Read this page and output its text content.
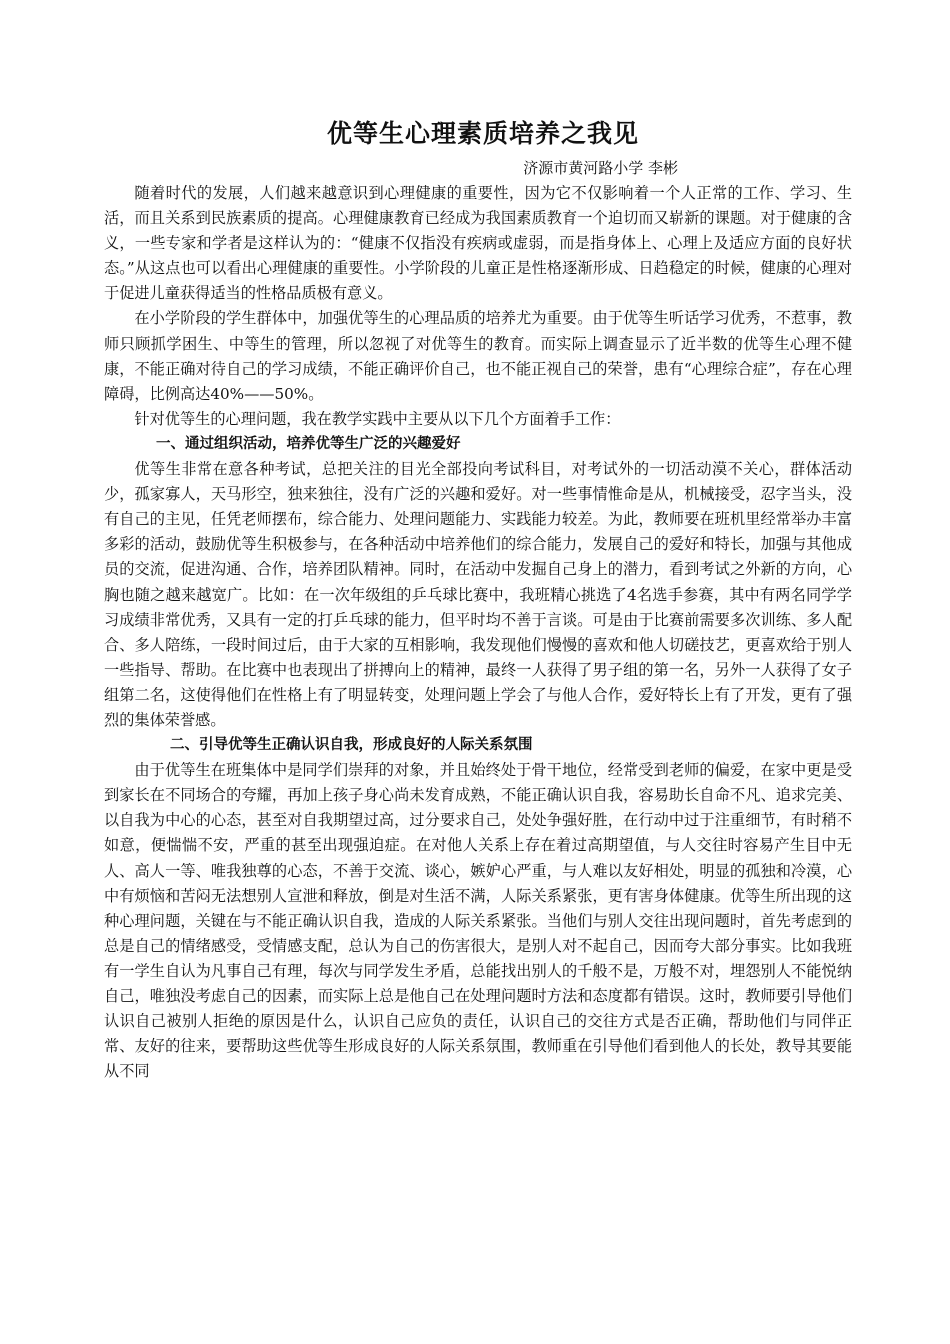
优等生心理素质培养之我见

济源市黄河路小学 李彬

随着时代的发展，人们越来越意识到心理健康的重要性，因为它不仅影响着一个人正常的工作、学习、生活，而且关系到民族素质的提高。心理健康教育已经成为我国素质教育一个迫切而又崭新的课题。对于健康的含义，一些专家和学者是这样认为的：“健康不仅指没有疾病或虚弱，而是指身体上、心理上及适应方面的良好状态。”从这点也可以看出心理健康的重要性。小学阶段的儿童正是性格逐渐形成、日趋稳定的时候，健康的心理对于促进儿童获得适当的性格品质极有意义。

在小学阶段的学生群体中，加强优等生的心理品质的培养尤为重要。由于优等生听话学习优秀，不惹事，教师只顾抓学困生、中等生的管理，所以忽视了对优等生的教育。而实际上调查显示了近半数的优等生心理不健康，不能正确对待自己的学习成绩，不能正确评价自己，也不能正视自己的荣誉，患有“心理综合症”，存在心理障碍，比例高达40%——50%。

针对优等生的心理问题，我在教学实践中主要从以下几个方面着手工作：

一、通过组织活动，培养优等生广泛的兴趣爱好

优等生非常在意各种考试，总把关注的目光全部投向考试科目，对考试外的一切活动漠不关心，群体活动少，孤家寡人，天马形空，独来独往，没有广泛的兴趣和爱好。对一些事情惟命是从，机械接受，忍字当头，没有自己的主见，任凭老师摆布，综合能力、处理问题能力、实践能力较差。为此，教师要在班机里经常举办丰富多彩的活动，鼓励优等生积极参与，在各种活动中培养他们的综合能力，发展自己的爱好和特长，加强与其他成员的交流，促进沟通、合作，培养团队精神。同时，在活动中发掘自己身上的潜力，看到考试之外新的方向，心胸也随之越来越宽广。比如：在一次年级组的乒乓球比赛中，我班精心挑选了4名选手参赛，其中有两名同学学习成绩非常优秀，又具有一定的打乒乓球的能力，但平时均不善于言谈。可是由于比赛前需要多次训练、多人配合、多人陪练，一段时间过后，由于大家的互相影响，我发现他们慢慢的喜欢和他人切磋技艺，更喜欢给于别人一些指导、帮助。在比赛中也表现出了拼搏向上的精神，最终一人获得了男子组的第一名，另外一人获得了女子组第二名，这使得他们在性格上有了明显转变，处理问题上学会了与他人合作，爱好特长上有了开发，更有了强烈的集体荣誉感。

二、引导优等生正确认识自我，形成良好的人际关系氛围

由于优等生在班集体中是同学们崇拜的对象，并且始终处于骨干地位，经常受到老师的偏爱，在家中更是受到家长在不同场合的夸耀，再加上孩子身心尚未发育成熟，不能正确认识自我，容易助长自命不凡、追求完美、以自我为中心的心态，甚至对自我期望过高，过分要求自己，处处争强好胜，在行动中过于注重细节，有时稍不如意，便惴惴不安，严重的甚至出现强迫症。在对他人关系上存在着过高期望值，与人交往时容易产生目中无人、高人一等、唯我独尊的心态，不善于交流、谈心，嫉妒心严重，与人难以友好相处，明显的孤独和冷漠，心中有烦恼和苦闷无法想别人宣泄和释放，倒是对生活不满，人际关系紧张，更有害身体健康。优等生所出现的这种心理问题，关键在与不能正确认识自我，造成的人际关系紧张。当他们与别人交往出现问题时，首先考虑到的总是自己的情绪感受，受情感支配，总认为自己的伤害很大，是别人对不起自己，因而夸大部分事实。比如我班有一学生自认为凡事自己有理，每次与同学发生矛盾，总能找出别人的千般不是，万般不对，埋怨别人不能悦纳自己，唯独没考虑自己的因素，而实际上总是他自己在处理问题时方法和态度都有错误。这时，教师要引导他们认识自己被别人拒绝的原因是什么，认识自己应负的责任，认识自己的交往方式是否正确，帮助他们与同伴正常、友好的往来，要帮助这些优等生形成良好的人际关系氛围，教师重在引导他们看到他人的长处，教导其要能从不同
